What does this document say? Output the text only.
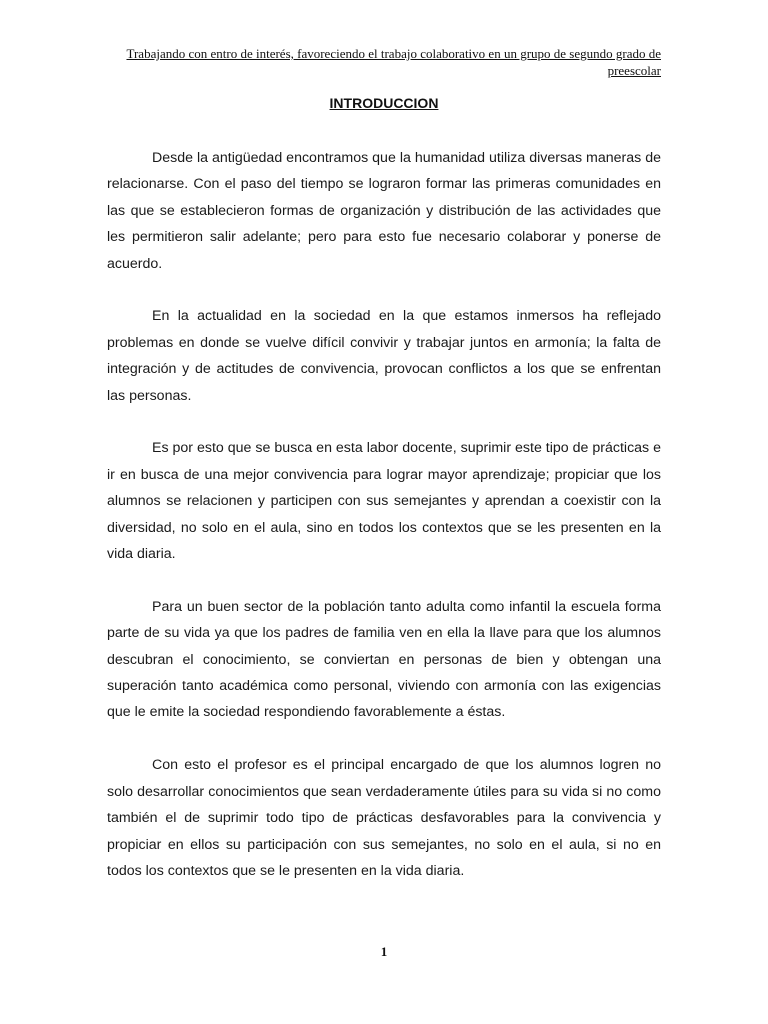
Trabajando con entro de interés, favoreciendo el trabajo colaborativo en un grupo de segundo grado de preescolar
INTRODUCCION

Desde la antigüedad encontramos que la humanidad utiliza diversas maneras de relacionarse. Con el paso del tiempo se lograron formar las primeras comunidades en las que se establecieron formas de organización y distribución de las actividades que les permitieron salir adelante; pero para esto fue necesario colaborar y ponerse de acuerdo.

En la actualidad en la sociedad en la que estamos inmersos ha reflejado problemas en donde se vuelve difícil convivir y trabajar juntos en armonía; la falta de integración y de actitudes de convivencia, provocan conflictos a los que se enfrentan las personas.

Es por esto que se busca en esta labor docente, suprimir este tipo de prácticas e ir en busca de una mejor convivencia para lograr mayor aprendizaje; propiciar que los alumnos se relacionen y participen con sus semejantes y aprendan a coexistir con la diversidad, no solo en el aula, sino en todos los contextos que se les presenten en la vida diaria.

Para un buen sector de la población tanto adulta como infantil la escuela forma parte de su vida ya que los padres de familia ven en ella la llave para que los alumnos descubran el conocimiento, se conviertan en personas de bien y obtengan una superación tanto académica como personal, viviendo con armonía con las exigencias que le emite la sociedad respondiendo favorablemente a éstas.

Con esto el profesor es el principal encargado de que los alumnos logren no solo desarrollar conocimientos que sean verdaderamente útiles para su vida si no como también el de suprimir todo tipo de prácticas desfavorables para la convivencia y propiciar en ellos su participación con sus semejantes, no solo en el aula, si no en todos los contextos que se le presenten en la vida diaria.

1
